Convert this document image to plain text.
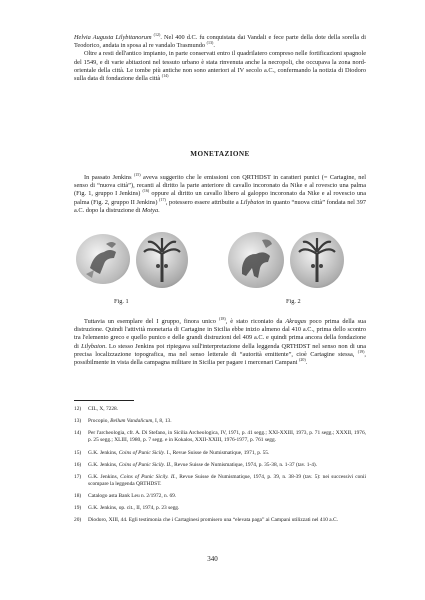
Helvia Augusta Lilybitanorum $^{(12)}$. Nel 400 d.C. fu conquistata dai Vandali e fece parte della dote della sorella di Teodorico, andata in sposa al re vandalo Trasmundo $^{(13)}$.

Oltre a resti dell'antico impianto, in parte conservati entro il quadrilatero compreso nelle fortificazioni spagnole del 1549, e di varie abitazioni nel tessuto urbano è stata rinvenuta anche la necropoli, che occupava la zona nord-orientale della città. Le tombe più antiche non sono anteriori al IV secolo a.C., confermando la notizia di Diodoro sulla data di fondazione della città $^{(14)}$

MONETAZIONE

In passato Jenkins $^{(15)}$ aveva suggerito che le emissioni con QRTHDST in caratteri punici (= Cartagine, nel senso di “nuova città”), recanti al diritto la parte anteriore di cavallo incoronato da Nike e al rovescio una palma (Fig. 1, gruppo I Jenkins) $^{(16)}$ oppure al diritto un cavallo libero al galoppo incoronato da Nike e al rovescio una palma (Fig. 2, gruppo II Jenkins) $^{(17)}$, potessero essere attribuite a Lilybaion in quanto “nuova città” fondata nel 397 a.C. dopo la distruzione di Motya.

Fig. 1	Fig. 2

Tuttavia un esemplare del I gruppo, finora unico $^{(18)}$, è stato riconiato da Akragas poco prima della sua distruzione. Quindi l'attività monetaria di Cartagine in Sicilia ebbe inizio almeno dal 410 a.C., prima dello scontro tra l'elemento greco e quello punico e delle grandi distruzioni del 409 a.C. e quindi prima ancora della fondazione di Lilybaion. Lo stesso Jenkins poi ripiegava sull'interpretazione della leggenda QRTHDST nel senso non di una precisa localizzazione topografica, ma nel senso letterale di “autorità emittente”, cioè Cartagine stessa, $^{(19)}$, possibilmente in vista della campagna militare in Sicilia per pagare i mercenari Campani $^{(20)}$.

12)	CIL, X, 7228.
13)	Procopio, Bellum Vandalicum, I, 8, 13.
14)	Per l'archeologia, cfr. A. Di Stefano, in Sicilia Archeologica, IV, 1971, p. 41 segg.; XXI-XXIII, 1973, p. 71 segg.; XXXII, 1976, p. 25 segg.; XLIII, 1980, p. 7 segg. e in Kokalos, XXII-XXIII, 1976-1977, p. 761 segg.
15)	G.K. Jenkins, Coins of Punic Sicily. I., Revue Suisse de Numismatique, 1971, p. 55.
16)	G.K. Jenkins, Coins of Punic Sicily. II., Revue Suisse de Numismatique, 1974, p. 35-38, n. 1-37 (tav. 1-4).
17)	G.K. Jenkins, Coins of Punic Sicily. II., Revue Suisse de Numismatique, 1974, p. 39, n. 38-39 (tav. 5): nei successivi conii scompare la leggenda QRTHDST.
18)	Catalogo asta Bank Leu n. 2/1972, n. 69.
19)	G.K. Jenkins, op. cit., II, 1974, p. 23 segg.
20)	Diodoro, XIII, 44. Egli testimonia che i Cartaginesi promisero una “elevata paga” ai Campani utilizzati nel 410 a.C.
340
